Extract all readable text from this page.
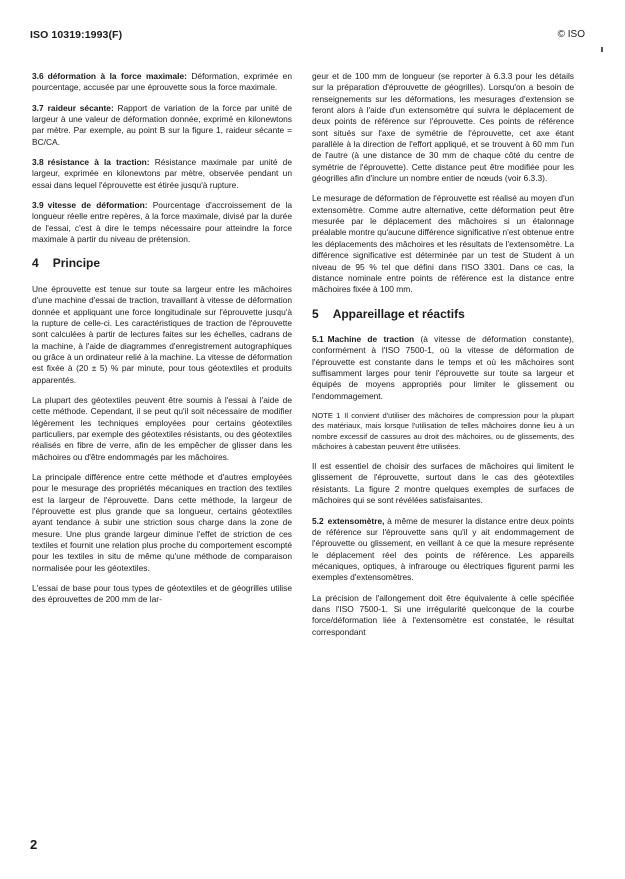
ISO 10319:1993(F)	© ISO
3.6 déformation à la force maximale: Déformation, exprimée en pourcentage, accusée par une éprouvette sous la force maximale.
3.7 raideur sécante: Rapport de variation de la force par unité de largeur à une valeur de déformation donnée, exprimé en kilonewtons par mètre. Par exemple, au point B sur la figure 1, raideur sécante = BC/CA.
3.8 résistance à la traction: Résistance maximale par unité de largeur, exprimée en kilonewtons par mètre, observée pendant un essai dans lequel l'éprouvette est étirée jusqu'à rupture.
3.9 vitesse de déformation: Pourcentage d'accroissement de la longueur réelle entre repères, à la force maximale, divisé par la durée de l'essai, c'est à dire le temps nécessaire pour atteindre la force maximale à partir du niveau de prétension.
4 Principe
Une éprouvette est tenue sur toute sa largeur entre les mâchoires d'une machine d'essai de traction, travaillant à vitesse de déformation donnée et appliquant une force longitudinale sur l'éprouvette jusqu'à la rupture de celle-ci. Les caractéristiques de traction de l'éprouvette sont calculées à partir de lectures faites sur les échelles, cadrans de la machine, à l'aide de diagrammes d'enregistrement autographiques ou grâce à un ordinateur relié à la machine. La vitesse de déformation est fixée à (20 ± 5) % par minute, pour tous géotextiles et produits apparentés.
La plupart des géotextiles peuvent être soumis à l'essai à l'aide de cette méthode. Cependant, il se peut qu'il soit nécessaire de modifier légèrement les techniques employées pour certains géotextiles particuliers, par exemple des géotextiles résistants, ou des géotextiles réalisés en fibre de verre, afin de les empêcher de glisser dans les mâchoires ou d'être endommagés par les mâchoires.
La principale différence entre cette méthode et d'autres employées pour le mesurage des propriétés mécaniques en traction des textiles est la largeur de l'éprouvette. Dans cette méthode, la largeur de l'éprouvette est plus grande que sa longueur, certains géotextiles ayant tendance à subir une striction sous charge dans la zone de mesure. Une plus grande largeur diminue l'effet de striction de ces textiles et fournit une relation plus proche du comportement escompté pour les textiles in situ de même qu'une méthode de comparaison normalisée pour les géotextiles.
L'essai de base pour tous types de géotextiles et de géogrilles utilise des éprouvettes de 200 mm de lar-
geur et de 100 mm de longueur (se reporter à 6.3.3 pour les détails sur la préparation d'éprouvette de géogrilles). Lorsqu'on a besoin de renseignements sur les déformations, les mesurages d'extension se feront alors à l'aide d'un extensomètre qui suivra le déplacement de deux points de référence sur l'éprouvette. Ces points de référence sont situés sur l'axe de symétrie de l'éprouvette, cet axe étant parallèle à la direction de l'effort appliqué, et se trouvent à 60 mm l'un de l'autre (à une distance de 30 mm de chaque côté du centre de symétrie de l'éprouvette). Cette distance peut être modifiée pour les géogrilles afin d'inclure un nombre entier de nœuds (voir 6.3.3).
Le mesurage de déformation de l'éprouvette est réalisé au moyen d'un extensomètre. Comme autre alternative, cette déformation peut être mesurée par le déplacement des mâchoires si un étalonnage préalable montre qu'aucune différence significative n'est obtenue entre les déplacements des mâchoires et les résultats de l'extensomètre. La différence significative est déterminée par un test de Student à un niveau de 95 % tel que défini dans l'ISO 3301. Dans ce cas, la distance nominale entre points de référence est la distance entre mâchoires fixée à 100 mm.
5 Appareillage et réactifs
5.1 Machine de traction (à vitesse de déformation constante), conformément à l'ISO 7500-1, où la vitesse de déformation de l'éprouvette est constante dans le temps et où les mâchoires sont suffisamment larges pour tenir l'éprouvette sur toute sa largeur et équipés de moyens appropriés pour limiter le glissement ou l'endommagement.
NOTE 1 Il convient d'utiliser des mâchoires de compression pour la plupart des matériaux, mais lorsque l'utilisation de telles mâchoires donne lieu à un nombre excessif de cassures au droit des mâchoires, ou de glissements, des mâchoires à cabestan peuvent être utilisées.
Il est essentiel de choisir des surfaces de mâchoires qui limitent le glissement de l'éprouvette, surtout dans le cas des géotextiles résistants. La figure 2 montre quelques exemples de surfaces de mâchoires qui se sont révélées satisfaisantes.
5.2 extensomètre, à même de mesurer la distance entre deux points de référence sur l'éprouvette sans qu'il y ait endommagement de l'éprouvette ou glissement, en veillant à ce que la mesure représente le déplacement réel des points de référence. Les appareils mécaniques, optiques, à infrarouge ou électriques figurent parmi les exemples d'extensomètres.
La précision de l'allongement doit être équivalente à celle spécifiée dans l'ISO 7500-1. Si une irrégularité quelconque de la courbe force/déformation liée à l'extensomètre est constatée, le résultat correspondant
2
